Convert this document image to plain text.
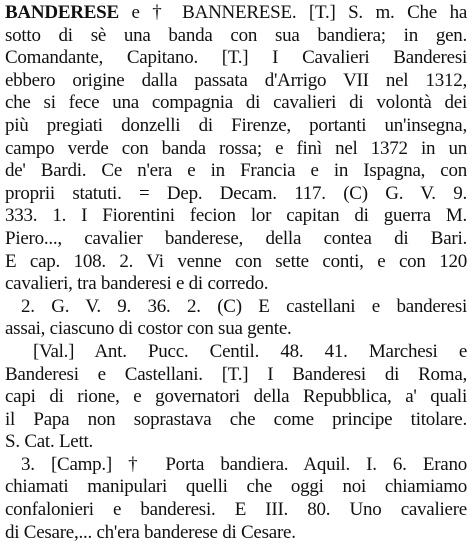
BANDERESE e † BANNERESE. [T.] S. m. Che ha
sotto di sè una banda con sua bandiera; in gen.
Comandante, Capitano. [T.] I Cavalieri Banderesi
ebbero origine dalla passata d'Arrigo VII nel 1312,
che si fece una compagnia di cavalieri di volontà dei
più pregiati donzelli di Firenze, portanti un'insegna,
campo verde con banda rossa; e finì nel 1372 in un
de' Bardi. Ce n'era e in Francia e in Ispagna, con
proprii statuti. = Dep. Decam. 117. (C) G. V. 9.
333. 1. I Fiorentini fecion lor capitan di guerra M.
Piero..., cavalier banderese, della contea di Bari.
E cap. 108. 2. Vi venne con sette conti, e con 120
cavalieri, tra banderesi e di corredo.
2. G. V. 9. 36. 2. (C) E castellani e banderesi
assai, ciascuno di costor con sua gente.
[Val.] Ant. Pucc. Centil. 48. 41. Marchesi e
Banderesi e Castellani. [T.] I Banderesi di Roma,
capi di rione, e governatori della Repubblica, a' quali
il Papa non soprastava che come principe titolare.
S. Cat. Lett.
3. [Camp.] † Porta bandiera. Aquil. I. 6. Erano
chiamati manipulari quelli che oggi noi chiamiamo
confalonieri e banderesi. E III. 80. Uno cavaliere
di Cesare,... ch'era banderese di Cesare.
